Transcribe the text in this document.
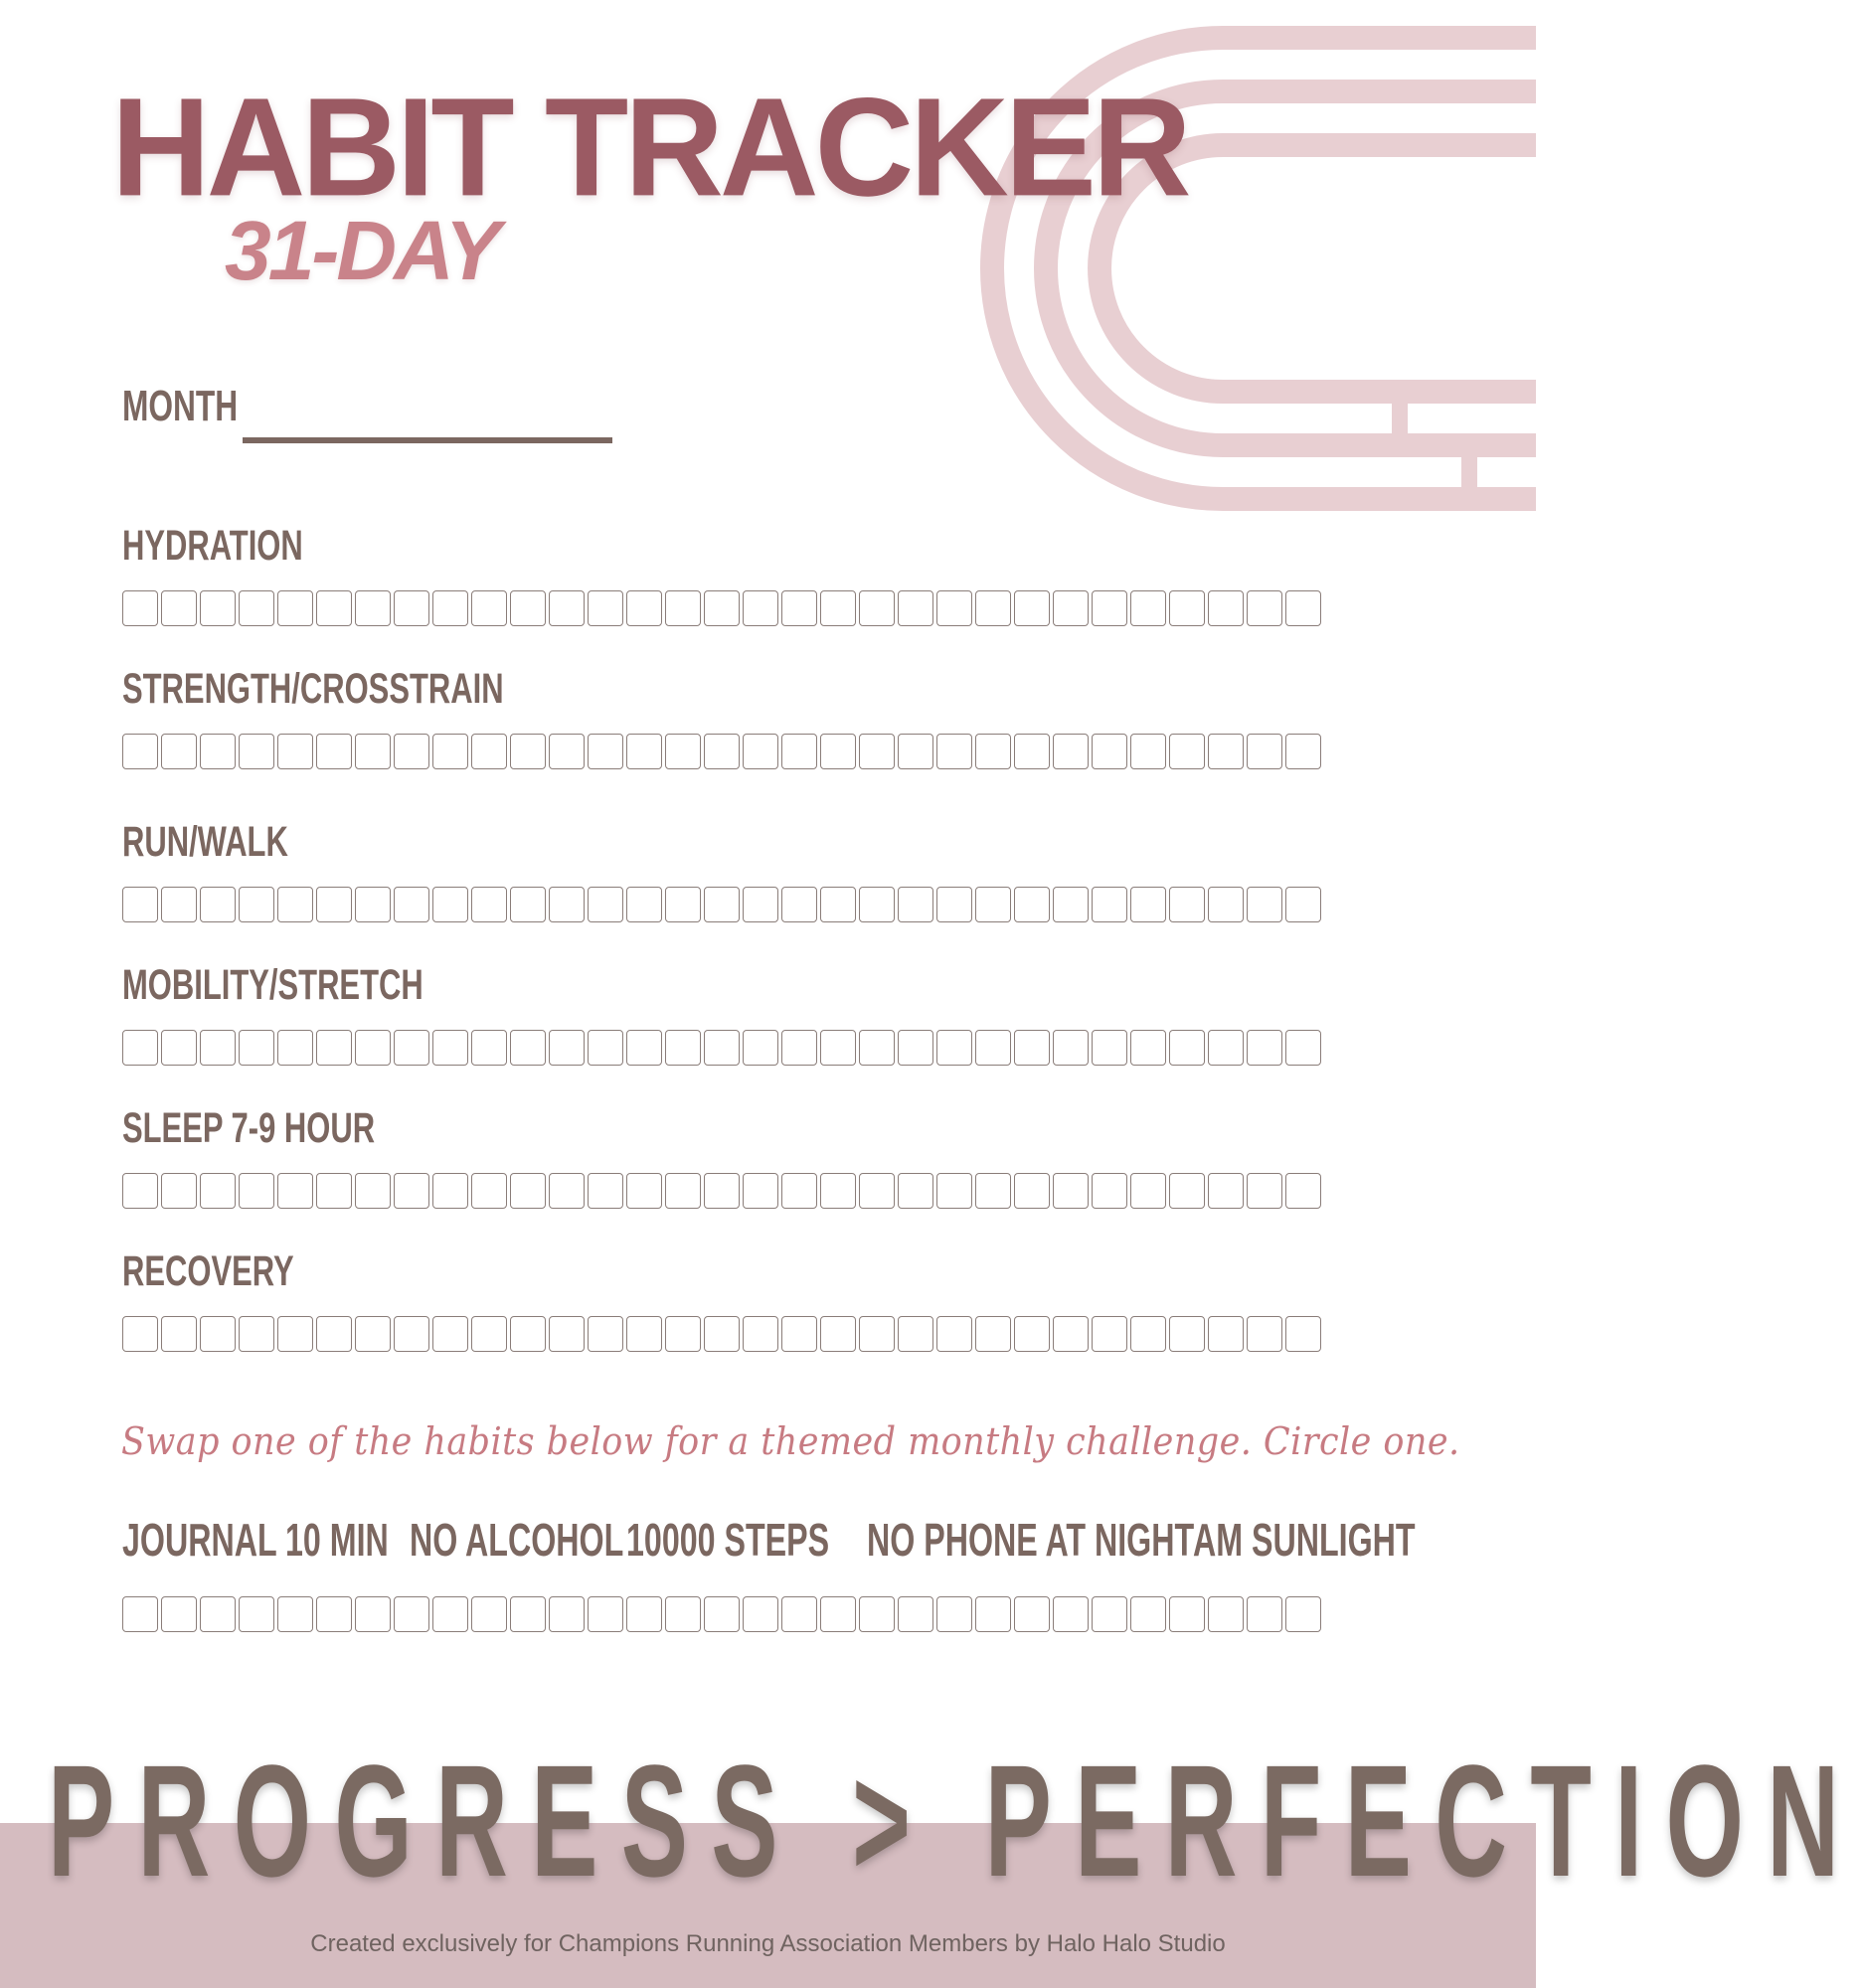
HABIT TRACKER
31-DAY
MONTH
HYDRATION
STRENGTH/CROSSTRAIN
RUN/WALK
MOBILITY/STRETCH
SLEEP 7-9 HOUR
RECOVERY

Swap one of the habits below for a themed monthly challenge. Circle one.

JOURNAL 10 MIN NO ALCOHOL 10000 STEPS NO PHONE AT NIGHT
AM SUNLIGHT

PROGRESS > PERFECTION

Created exclusively for Champions Running Association Members by Halo Halo Studio
